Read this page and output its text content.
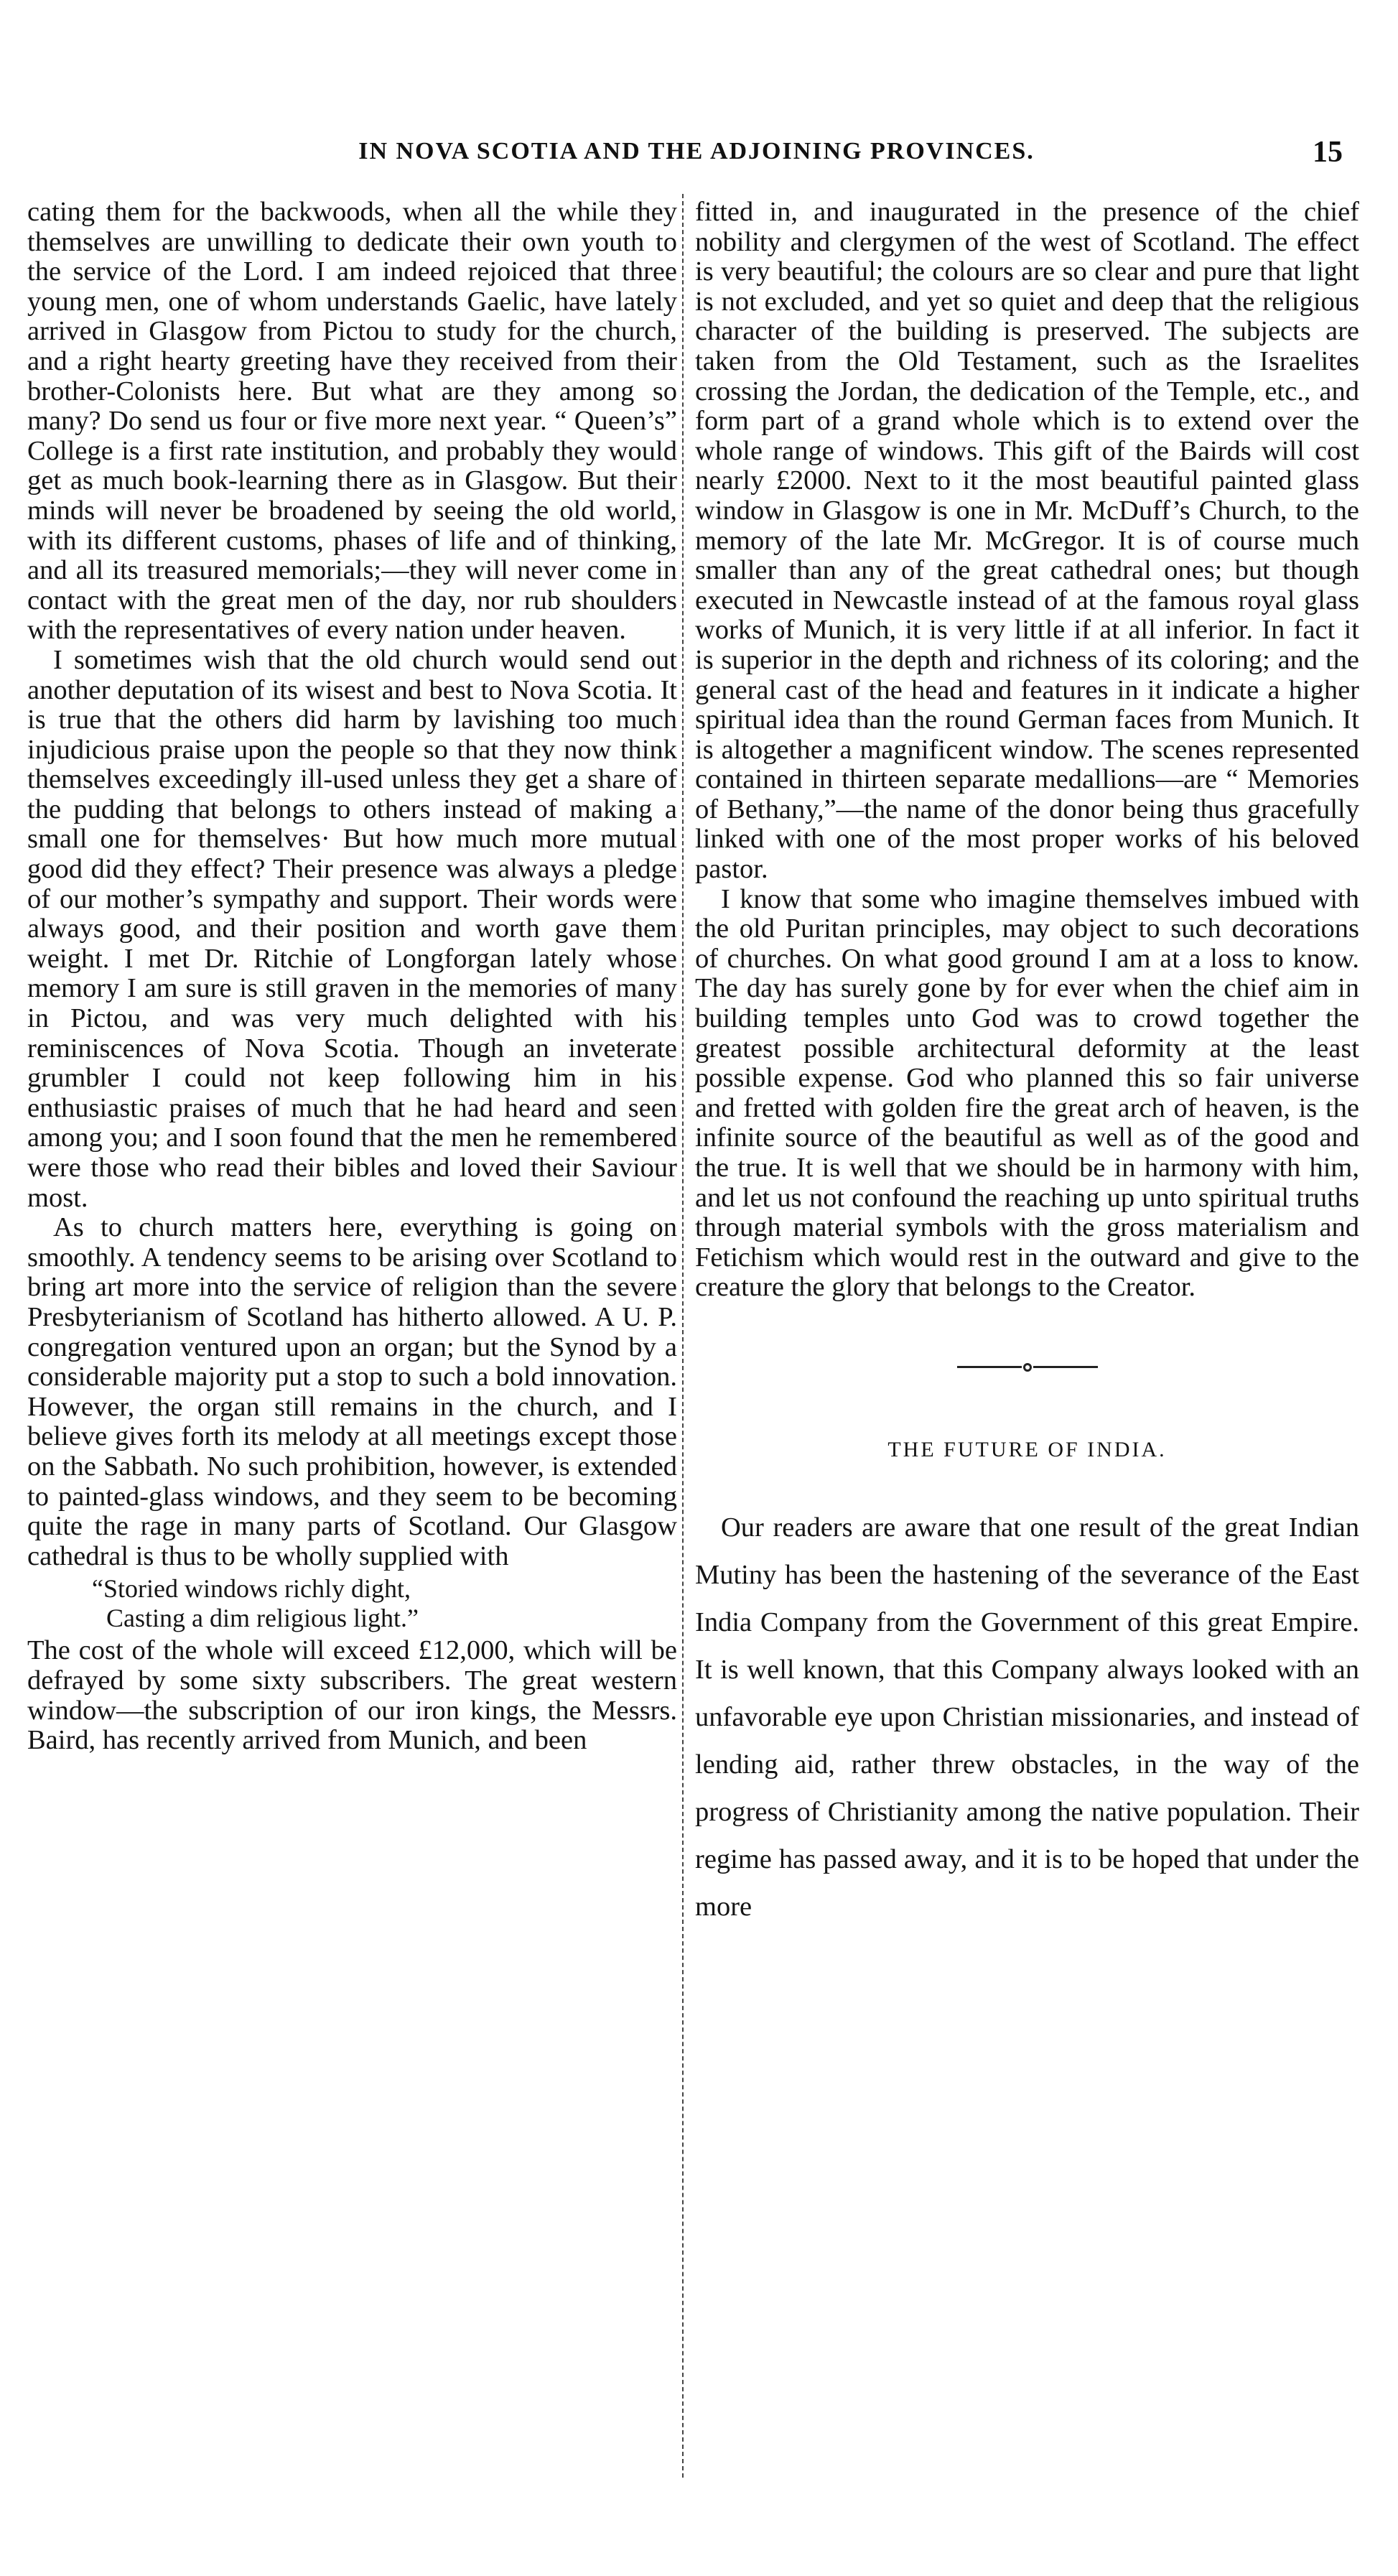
IN NOVA SCOTIA AND THE ADJOINING PROVINCES.	15

cating them for the backwoods, when all the while they themselves are unwilling to dedicate their own youth to the service of the Lord. I am indeed rejoiced that three young men, one of whom understands Gaelic, have lately arrived in Glasgow from Pictou to study for the church, and a right hearty greeting have they received from their brother-Colonists here. But what are they among so many? Do send us four or five more next year. “ Queen’s” College is a first rate institution, and probably they would get as much book-learning there as in Glasgow. But their minds will never be broadened by seeing the old world, with its different customs, phases of life and of thinking, and all its treasured memorials;—they will never come in contact with the great men of the day, nor rub shoulders with the representatives of every nation under heaven.

I sometimes wish that the old church would send out another deputation of its wisest and best to Nova Scotia. It is true that the others did harm by lavishing too much injudicious praise upon the people so that they now think themselves exceedingly ill-used unless they get a share of the pudding that belongs to others instead of making a small one for themselves· But how much more mutual good did they effect? Their presence was always a pledge of our mother’s sympathy and support. Their words were always good, and their position and worth gave them weight. I met Dr. Ritchie of Longforgan lately whose memory I am sure is still graven in the memories of many in Pictou, and was very much delighted with his reminiscences of Nova Scotia. Though an inveterate grumbler I could not keep following him in his enthusiastic praises of much that he had heard and seen among you; and I soon found that the men he remembered were those who read their bibles and loved their Saviour most.

As to church matters here, everything is going on smoothly. A tendency seems to be arising over Scotland to bring art more into the service of religion than the severe Presbyterianism of Scotland has hitherto allowed. A U. P. congregation ventured upon an organ; but the Synod by a considerable majority put a stop to such a bold innovation. However, the organ still remains in the church, and I believe gives forth its melody at all meetings except those on the Sabbath. No such prohibition, however, is extended to painted-glass windows, and they seem to be becoming quite the rage in many parts of Scotland. Our Glasgow cathedral is thus to be wholly supplied with

“Storied windows richly dight,
Casting a dim religious light.”

The cost of the whole will exceed £12,000, which will be defrayed by some sixty subscribers. The great western window—the subscription of our iron kings, the Messrs. Baird, has recently arrived from Munich, and been

fitted in, and inaugurated in the presence of the chief nobility and clergymen of the west of Scotland. The effect is very beautiful; the colours are so clear and pure that light is not excluded, and yet so quiet and deep that the religious character of the building is preserved. The subjects are taken from the Old Testament, such as the Israelites crossing the Jordan, the dedication of the Temple, etc., and form part of a grand whole which is to extend over the whole range of windows. This gift of the Bairds will cost nearly £2000. Next to it the most beautiful painted glass window in Glasgow is one in Mr. McDuff’s Church, to the memory of the late Mr. McGregor. It is of course much smaller than any of the great cathedral ones; but though executed in Newcastle instead of at the famous royal glass works of Munich, it is very little if at all inferior. In fact it is superior in the depth and richness of its coloring; and the general cast of the head and features in it indicate a higher spiritual idea than the round German faces from Munich. It is altogether a magnificent window. The scenes represented contained in thirteen separate medallions—are “ Memories of Bethany,”—the name of the donor being thus gracefully linked with one of the most proper works of his beloved pastor.

I know that some who imagine themselves imbued with the old Puritan principles, may object to such decorations of churches. On what good ground I am at a loss to know. The day has surely gone by for ever when the chief aim in building temples unto God was to crowd together the greatest possible architectural deformity at the least possible expense. God who planned this so fair universe and fretted with golden fire the great arch of heaven, is the infinite source of the beautiful as well as of the good and the true. It is well that we should be in harmony with him, and let us not confound the reaching up unto spiritual truths through material symbols with the gross materialism and Fetichism which would rest in the outward and give to the creature the glory that belongs to the Creator.

THE FUTURE OF INDIA.

Our readers are aware that one result of the great Indian Mutiny has been the hastening of the severance of the East India Company from the Government of this great Empire. It is well known, that this Company always looked with an unfavorable eye upon Christian missionaries, and instead of lending aid, rather threw obstacles, in the way of the progress of Christianity among the native population. Their regime has passed away, and it is to be hoped that under the more
